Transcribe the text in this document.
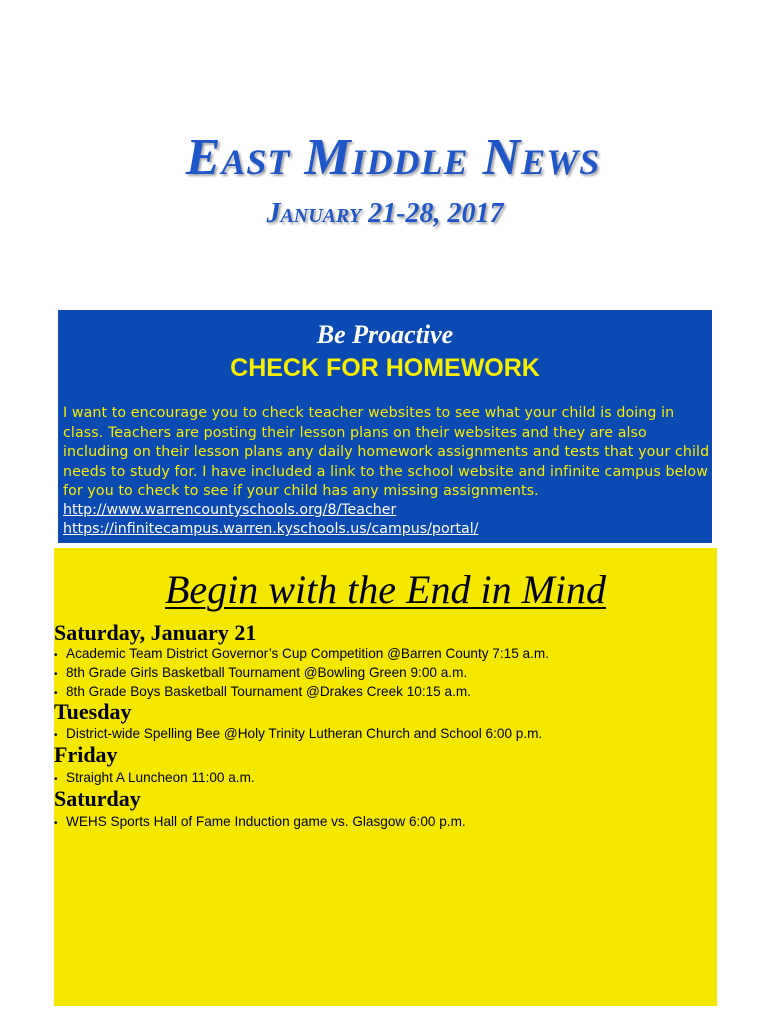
East Middle News
January 21-28, 2017
Be Proactive
CHECK FOR HOMEWORK
I want to encourage you to check teacher websites to see what your child is doing in class. Teachers are posting their lesson plans on their websites and they are also including on their lesson plans any daily homework assignments and tests that your child needs to study for. I have included a link to the school website and infinite campus below for you to check to see if your child has any missing assignments.
http://www.warrencountyschools.org/8/Teacher
https://infinitecampus.warren.kyschools.us/campus/portal/
Begin with the End in Mind
Saturday, January 21
• Academic Team District Governor’s Cup Competition @Barren County 7:15 a.m.
• 8th Grade Girls Basketball Tournament @Bowling Green 9:00 a.m.
• 8th Grade Boys Basketball Tournament @Drakes Creek 10:15 a.m.
Tuesday
• District-wide Spelling Bee @Holy Trinity Lutheran Church and School 6:00 p.m.
Friday
• Straight A Luncheon 11:00 a.m.
Saturday
• WEHS Sports Hall of Fame Induction game vs. Glasgow 6:00 p.m.
